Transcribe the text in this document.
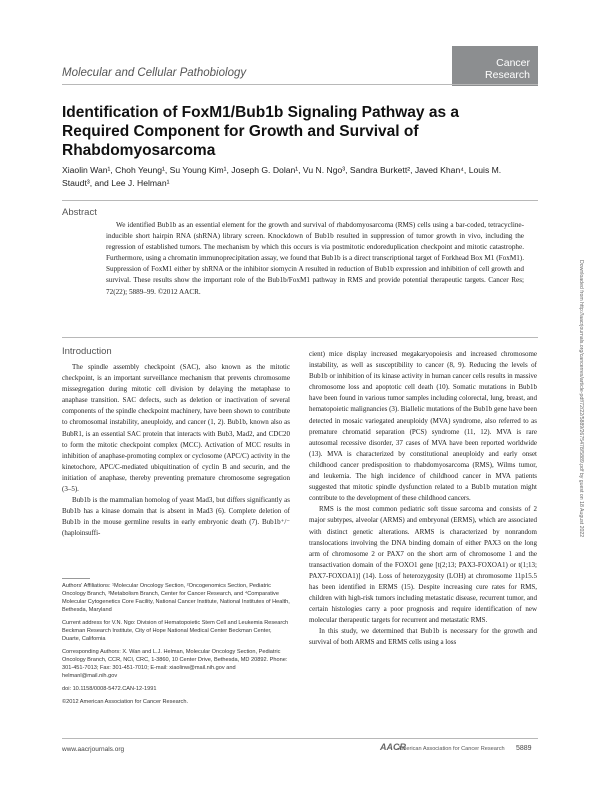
Cancer
Research
Molecular and Cellular Pathobiology
Identification of FoxM1/Bub1b Signaling Pathway as a Required Component for Growth and Survival of Rhabdomyosarcoma
Xiaolin Wan¹, Choh Yeung¹, Su Young Kim¹, Joseph G. Dolan¹, Vu N. Ngo³, Sandra Burkett², Javed Khan⁴, Louis M. Staudt³, and Lee J. Helman¹
Abstract
We identified Bub1b as an essential element for the growth and survival of rhabdomyosarcoma (RMS) cells using a bar-coded, tetracycline-inducible short hairpin RNA (shRNA) library screen. Knockdown of Bub1b resulted in suppression of tumor growth in vivo, including the regression of established tumors. The mechanism by which this occurs is via postmitotic endoreduplication checkpoint and mitotic catastrophe. Furthermore, using a chromatin immunoprecipitation assay, we found that Bub1b is a direct transcriptional target of Forkhead Box M1 (FoxM1). Suppression of FoxM1 either by shRNA or the inhibitor siomycin A resulted in reduction of Bub1b expression and inhibition of cell growth and survival. These results show the important role of the Bub1b/FoxM1 pathway in RMS and provide potential therapeutic targets. Cancer Res; 72(22); 5889–99. ©2012 AACR.	Downloaded from http://aacrjournals.org/cancerres/article-pdf/72/22/5889/2675478/5889.pdf by guest on 18 August 2022
Introduction

The spindle assembly checkpoint (SAC), also known as the mitotic checkpoint, is an important surveillance mechanism that prevents chromosome missegregation during mitotic cell division by delaying the metaphase to anaphase transition. SAC defects, such as deletion or inactivation of several components of the spindle checkpoint machinery, have been shown to contribute to chromosomal instability, aneuploidy, and cancer (1, 2). Bub1b, known also as BubR1, is an essential SAC protein that interacts with Bub3, Mad2, and CDC20 to form the mitotic checkpoint complex (MCC). Activation of MCC results in inhibition of anaphase-promoting complex or cyclosome (APC/C) activity in the kinetochore, APC/C-mediated ubiquitination of cyclin B and securin, and the initiation of anaphase, thereby preventing premature chromosome segregation (3–5).

Bub1b is the mammalian homolog of yeast Mad3, but differs significantly as Bub1b has a kinase domain that is absent in Mad3 (6). Complete deletion of Bub1b in the mouse germline results in early embryonic death (7). Bub1b⁺/⁻ (haploinsuffi-

cient) mice display increased megakaryopoiesis and increased chromosome instability, as well as susceptibility to cancer (8, 9). Reducing the levels of Bub1b or inhibition of its kinase activity in human cancer cells results in massive chromosome loss and apoptotic cell death (10). Somatic mutations in Bub1b have been found in various tumor samples including colorectal, lung, breast, and hematopoietic malignancies (3). Biallelic mutations of the Bub1b gene have been detected in mosaic variegated aneuploidy (MVA) syndrome, also referred to as premature chromatid separation (PCS) syndrome (11, 12). MVA is rare autosomal recessive disorder, 37 cases of MVA have been reported worldwide (13). MVA is characterized by constitutional aneuploidy and early onset childhood cancer predisposition to rhabdomyosarcoma (RMS), Wilms tumor, and leukemia. The high incidence of childhood cancer in MVA patients suggested that mitotic spindle dysfunction related to a Bub1b mutation might contribute to the development of these childhood cancers.

RMS is the most common pediatric soft tissue sarcoma and consists of 2 major subtypes, alveolar (ARMS) and embryonal (ERMS), which are associated with distinct genetic alterations. ARMS is characterized by nonrandom translocations involving the DNA binding domain of either PAX3 on the long arm of chromosome 2 or PAX7 on the short arm of chromosome 1 and the transactivation domain of the FOXO1 gene [t(2;13; PAX3-FOXOA1) or t(1;13; PAX7-FOXOA1)] (14). Loss of heterozygosity (LOH) at chromosome 11p15.5 has been identified in ERMS (15). Despite increasing cure rates for RMS, children with high-risk tumors including metastatic disease, recurrent tumor, and certain histologies carry a poor prognosis and require identification of new molecular therapeutic targets for recurrent and metastatic RMS.

In this study, we determined that Bub1b is necessary for the growth and survival of both ARMS and ERMS cells using a loss

Authors' Affiliations: ¹Molecular Oncology Section, ²Oncogenomics Section, Pediatric Oncology Branch, ³Metabolism Branch, Center for Cancer Research, and ⁴Comparative Molecular Cytogenetics Core Facility, National Cancer Institute, National Institutes of Health, Bethesda, Maryland

Current address for V.N. Ngo: Division of Hematopoietic Stem Cell and Leukemia Research Beckman Research Institute, City of Hope National Medical Center Beckman Center, Duarte, California

Corresponding Authors: X. Wan and L.J. Helman, Molecular Oncology Section, Pediatric Oncology Branch, CCR, NCI, CRC, 1-3860, 10 Center Drive, Bethesda, MD 20892. Phone: 301-451-7013; Fax: 301-451-7010; E-mail: xiaolinw@mail.nih.gov and helmanl@mail.nih.gov

doi: 10.1158/0008-5472.CAN-12-1991

©2012 American Association for Cancer Research.

www.aacrjournals.org	AACR
American Association for Cancer Research 5889
